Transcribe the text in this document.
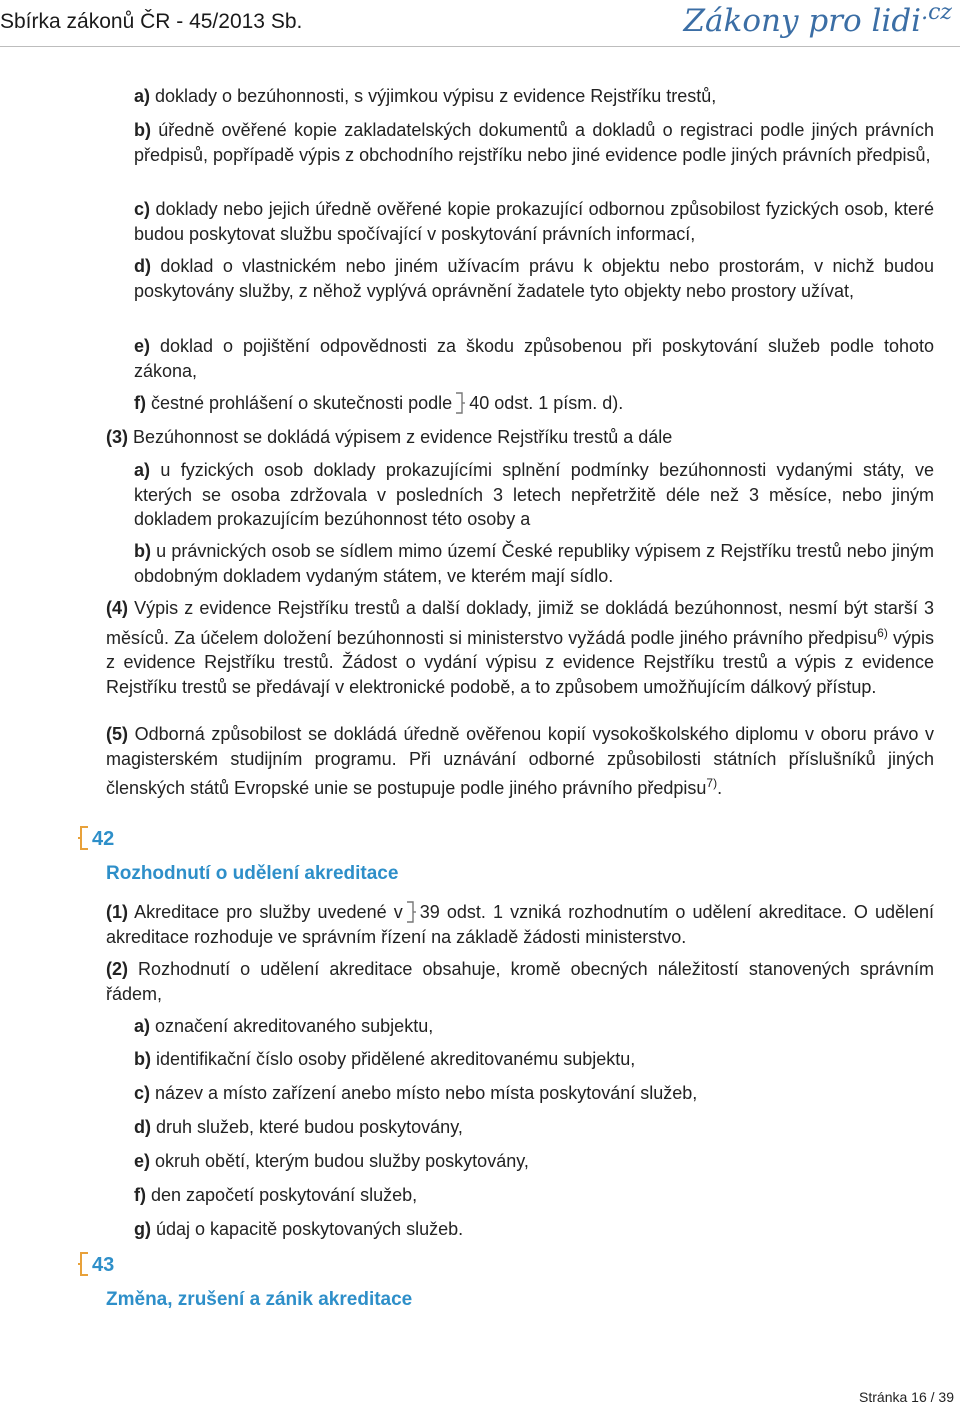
Sbírka zákonů ČR - 45/2013 Sb.	Zákony pro lidi$^{.cz}$
a) doklady o bezúhonnosti, s výjimkou výpisu z evidence Rejstříku trestů,
b) úředně ověřené kopie zakladatelských dokumentů a dokladů o registraci podle jiných právních předpisů, popřípadě výpis z obchodního rejstříku nebo jiné evidence podle jiných právních předpisů,
c) doklady nebo jejich úředně ověřené kopie prokazující odbornou způsobilost fyzických osob, které budou poskytovat službu spočívající v poskytování právních informací,
d) doklad o vlastnickém nebo jiném užívacím právu k objektu nebo prostorám, v nichž budou poskytovány služby, z něhož vyplývá oprávnění žadatele tyto objekty nebo prostory užívat,
e) doklad o pojištění odpovědnosti za škodu způsobenou při poskytování služeb podle tohoto zákona,
f) čestné prohlášení o skutečnosti podle 40 odst. 1 písm. d).
(3) Bezúhonnost se dokládá výpisem z evidence Rejstříku trestů a dále
a) u fyzických osob doklady prokazujícími splnění podmínky bezúhonnosti vydanými státy, ve kterých se osoba zdržovala v posledních 3 letech nepřetržitě déle než 3 měsíce, nebo jiným dokladem prokazujícím bezúhonnost této osoby a
b) u právnických osob se sídlem mimo území České republiky výpisem z Rejstříku trestů nebo jiným obdobným dokladem vydaným státem, ve kterém mají sídlo.
(4) Výpis z evidence Rejstříku trestů a další doklady, jimiž se dokládá bezúhonnost, nesmí být starší 3 měsíců. Za účelem doložení bezúhonnosti si ministerstvo vyžádá podle jiného právního předpisu$^{6)}$ výpis z evidence Rejstříku trestů. Žádost o vydání výpisu z evidence Rejstříku trestů a výpis z evidence Rejstříku trestů se předávají v elektronické podobě, a to způsobem umožňujícím dálkový přístup.
(5) Odborná způsobilost se dokládá úředně ověřenou kopií vysokoškolského diplomu v oboru právo v magisterském studijním programu. Při uznávání odborné způsobilosti státních příslušníků jiných členských států Evropské unie se postupuje podle jiného právního předpisu$^{7)}$.
42
Rozhodnutí o udělení akreditace
(1) Akreditace pro služby uvedené v 39 odst. 1 vzniká rozhodnutím o udělení akreditace. O udělení akreditace rozhoduje ve správním řízení na základě žádosti ministerstvo.
(2) Rozhodnutí o udělení akreditace obsahuje, kromě obecných náležitostí stanovených správním řádem,
a) označení akreditovaného subjektu,
b) identifikační číslo osoby přidělené akreditovanému subjektu,
c) název a místo zařízení anebo místo nebo místa poskytování služeb,
d) druh služeb, které budou poskytovány,
e) okruh obětí, kterým budou služby poskytovány,
f) den započetí poskytování služeb,
g) údaj o kapacitě poskytovaných služeb.
43
Změna, zrušení a zánik akreditace
Stránka 16 / 39
